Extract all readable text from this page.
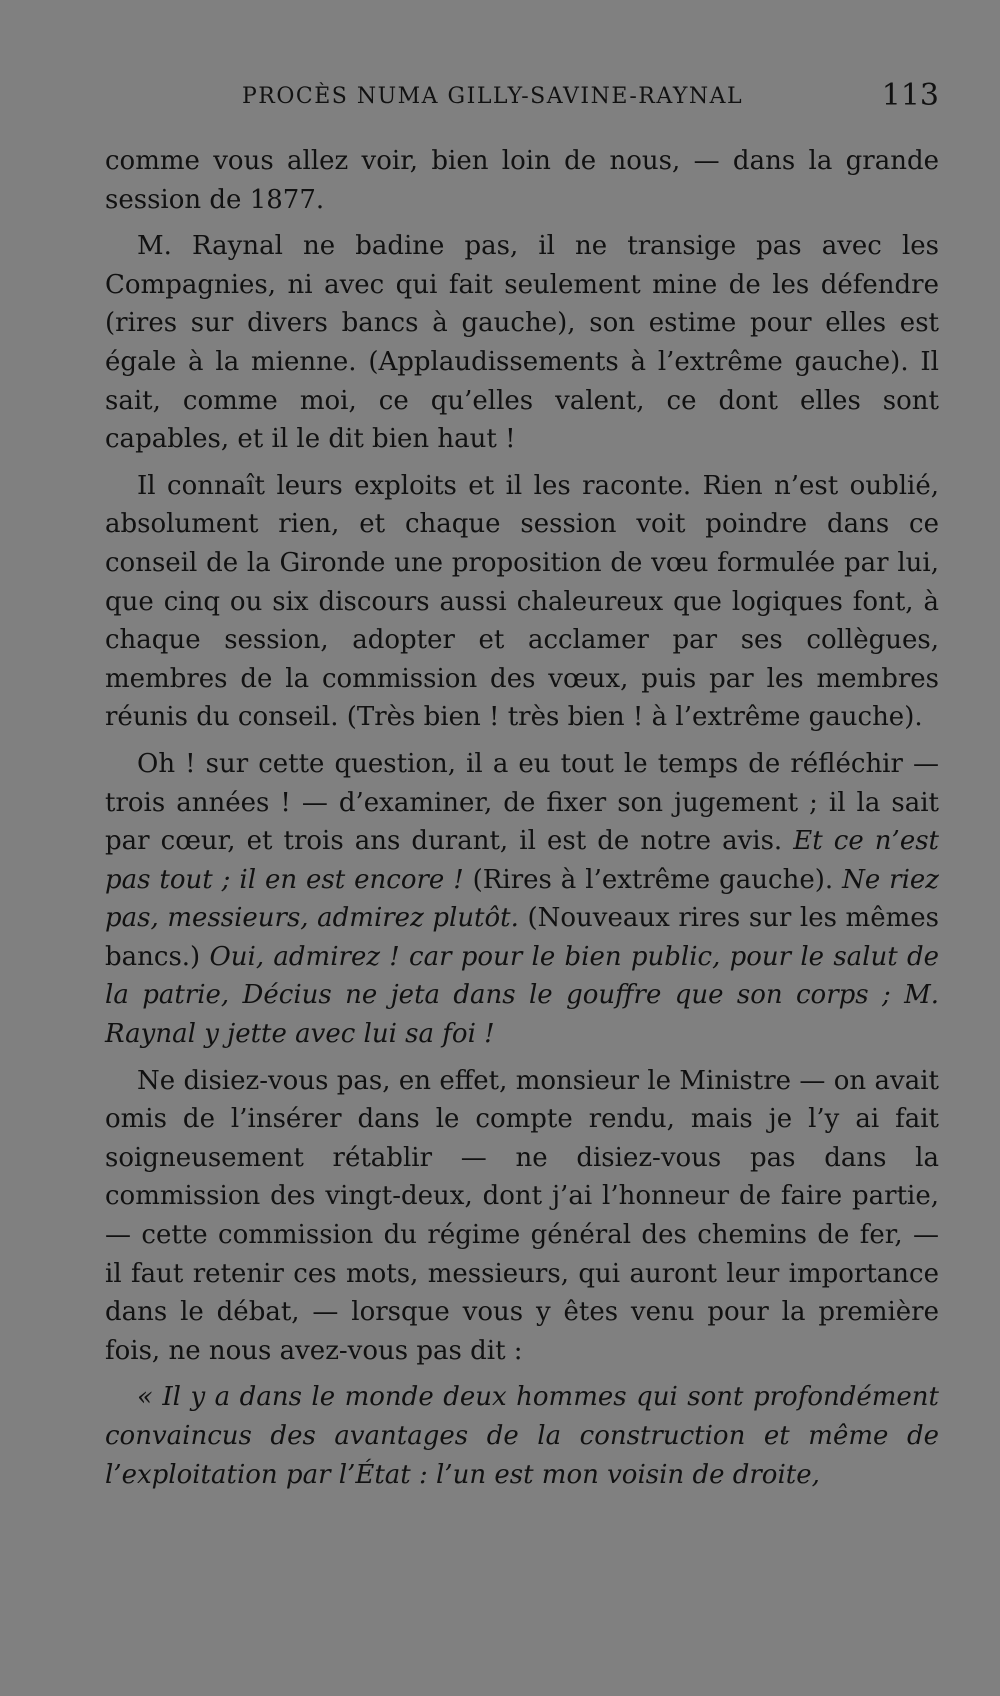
PROCÈS NUMA GILLY-SAVINE-RAYNAL	113

comme vous allez voir, bien loin de nous, — dans la grande session de 1877.

M. Raynal ne badine pas, il ne transige pas avec les Compagnies, ni avec qui fait seulement mine de les défendre (rires sur divers bancs à gauche), son estime pour elles est égale à la mienne. (Applaudissements à l’extrême gauche). Il sait, comme moi, ce qu’elles valent, ce dont elles sont capables, et il le dit bien haut !

Il connaît leurs exploits et il les raconte. Rien n’est oublié, absolument rien, et chaque session voit poindre dans ce conseil de la Gironde une proposition de vœu formulée par lui, que cinq ou six discours aussi chaleureux que logiques font, à chaque session, adopter et acclamer par ses collègues, membres de la commission des vœux, puis par les membres réunis du conseil. (Très bien ! très bien ! à l’extrême gauche).

Oh ! sur cette question, il a eu tout le temps de réfléchir — trois années ! — d’examiner, de fixer son jugement ; il la sait par cœur, et trois ans durant, il est de notre avis. Et ce n’est pas tout ; il en est encore ! (Rires à l’extrême gauche). Ne riez pas, messieurs, admirez plutôt. (Nouveaux rires sur les mêmes bancs.) Oui, admirez ! car pour le bien public, pour le salut de la patrie, Décius ne jeta dans le gouffre que son corps ; M. Raynal y jette avec lui sa foi !

Ne disiez-vous pas, en effet, monsieur le Ministre — on avait omis de l’insérer dans le compte rendu, mais je l’y ai fait soigneusement rétablir — ne disiez-vous pas dans la commission des vingt-deux, dont j’ai l’honneur de faire partie, — cette commission du régime général des chemins de fer, — il faut retenir ces mots, messieurs, qui auront leur importance dans le débat, — lorsque vous y êtes venu pour la première fois, ne nous avez-vous pas dit :

« Il y a dans le monde deux hommes qui sont profondément convaincus des avantages de la construction et même de l’exploitation par l’État : l’un est mon voisin de droite,
